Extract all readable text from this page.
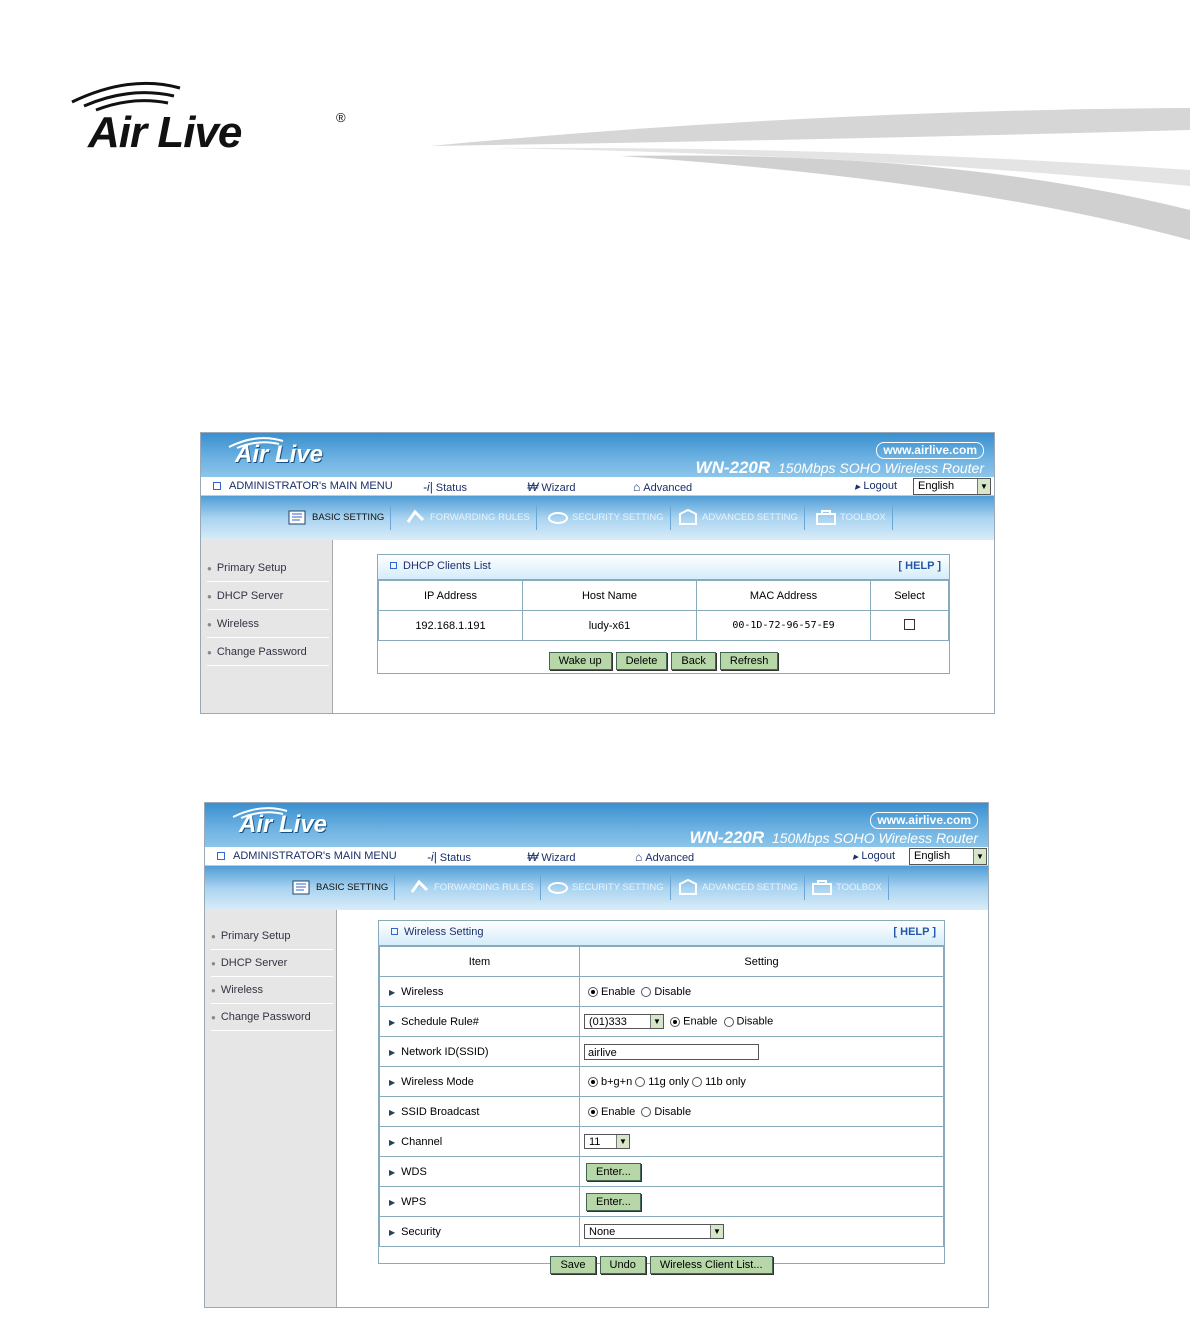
Air Live	®
Air Live	www.airlive.com
WN-220R 150Mbps SOHO Wireless Router
ADMINISTRATOR's MAIN MENU	-i| Status	₩ Wizard	⌂ Advanced	▶ Logout English	▼
BASIC SETTING	FORWARDING RULES	SECURITY SETTING	ADVANCED SETTING	TOOLBOX
● Primary Setup
● DHCP Server
● Wireless
● Change Password
DHCP Clients List	[ HELP ]
IP Address	Host Name	MAC Address	Select
192.168.1.191	ludy-x61	00-1D-72-96-57-E9	
Wake up Delete Back Refresh
Air Live	www.airlive.com
WN-220R 150Mbps SOHO Wireless Router
ADMINISTRATOR's MAIN MENU	-i| Status	₩ Wizard	⌂ Advanced	▶ Logout English	▼
BASIC SETTING	FORWARDING RULES	SECURITY SETTING	ADVANCED SETTING	TOOLBOX
● Primary Setup
● DHCP Server
● Wireless
● Change Password
Wireless Setting	[ HELP ]
Item	Setting
▶ Wireless	Enable Disable
▶ Schedule Rule#	(01)333 ▼ Enable Disable
▶ Network ID(SSID)	airlive
▶ Wireless Mode	b+g+n 11g only 11b only
▶ SSID Broadcast	Enable Disable
▶ Channel	11 ▼

▶ WDS	Enter...
▶ WPS	Enter...
▶ Security	None ▼
Save Undo Wireless Client List...
